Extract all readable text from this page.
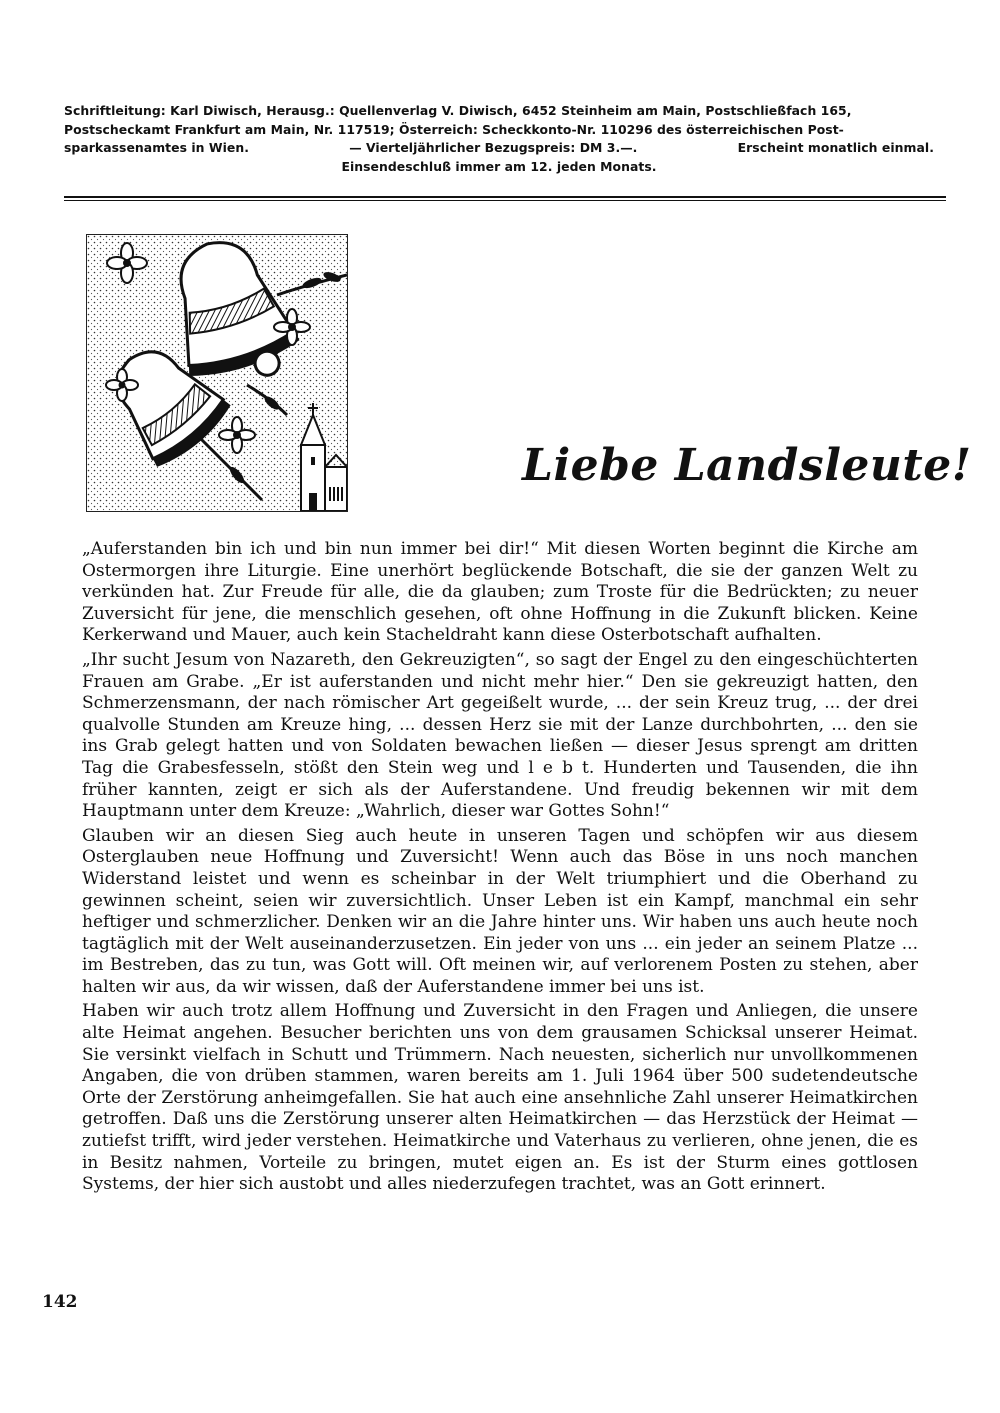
Schriftleitung: Karl Diwisch, Herausg.: Quellenverlag V. Diwisch, 6452 Steinheim am Main, Postschließfach 165,
Postscheckamt Frankfurt am Main, Nr. 117519; Österreich: Scheckkonto-Nr. 110296 des österreichischen Post-
sparkassenamtes in Wien.	— Vierteljährlicher Bezugspreis: DM 3.—.	Erscheint monatlich einmal.
Einsendeschluß immer am 12. jeden Monats.
Liebe Landsleute!

„Auferstanden bin ich und bin nun immer bei dir!“ Mit diesen Worten beginnt die Kirche am Ostermorgen ihre Liturgie. Eine unerhört beglückende Botschaft, die sie der ganzen Welt zu verkünden hat. Zur Freude für alle, die da glauben; zum Troste für die Bedrückten; zu neuer Zuversicht für jene, die menschlich gesehen, oft ohne Hoffnung in die Zukunft blicken. Keine Kerkerwand und Mauer, auch kein Stacheldraht kann diese Osterbotschaft aufhalten.

„Ihr sucht Jesum von Nazareth, den Gekreuzigten“, so sagt der Engel zu den eingeschüchterten Frauen am Grabe. „Er ist auferstanden und nicht mehr hier.“ Den sie gekreuzigt hatten, den Schmerzensmann, der nach römischer Art gegeißelt wurde, ... der sein Kreuz trug, ... der drei qualvolle Stunden am Kreuze hing, ... dessen Herz sie mit der Lanze durchbohrten, ... den sie ins Grab gelegt hatten und von Soldaten bewachen ließen — dieser Jesus sprengt am dritten Tag die Grabesfesseln, stößt den Stein weg und l e b t. Hunderten und Tausenden, die ihn früher kannten, zeigt er sich als der Auferstandene. Und freudig bekennen wir mit dem Hauptmann unter dem Kreuze: „Wahrlich, dieser war Gottes Sohn!“

Glauben wir an diesen Sieg auch heute in unseren Tagen und schöpfen wir aus diesem Osterglauben neue Hoffnung und Zuversicht! Wenn auch das Böse in uns noch manchen Widerstand leistet und wenn es scheinbar in der Welt triumphiert und die Oberhand zu gewinnen scheint, seien wir zuversichtlich. Unser Leben ist ein Kampf, manchmal ein sehr heftiger und schmerzlicher. Denken wir an die Jahre hinter uns. Wir haben uns auch heute noch tagtäglich mit der Welt auseinanderzusetzen. Ein jeder von uns ... ein jeder an seinem Platze ... im Bestreben, das zu tun, was Gott will. Oft meinen wir, auf verlorenem Posten zu stehen, aber halten wir aus, da wir wissen, daß der Auferstandene immer bei uns ist.

Haben wir auch trotz allem Hoffnung und Zuversicht in den Fragen und Anliegen, die unsere alte Heimat angehen. Besucher berichten uns von dem grausamen Schicksal unserer Heimat. Sie versinkt vielfach in Schutt und Trümmern. Nach neuesten, sicherlich nur unvollkommenen Angaben, die von drüben stammen, waren bereits am 1. Juli 1964 über 500 sudetendeutsche Orte der Zerstörung anheimgefallen. Sie hat auch eine ansehnliche Zahl unserer Heimatkirchen getroffen. Daß uns die Zerstörung unserer alten Heimatkirchen — das Herzstück der Heimat — zutiefst trifft, wird jeder verstehen. Heimatkirche und Vaterhaus zu verlieren, ohne jenen, die es in Besitz nahmen, Vorteile zu bringen, mutet eigen an. Es ist der Sturm eines gottlosen Systems, der hier sich austobt und alles niederzufegen trachtet, was an Gott erinnert.

142
